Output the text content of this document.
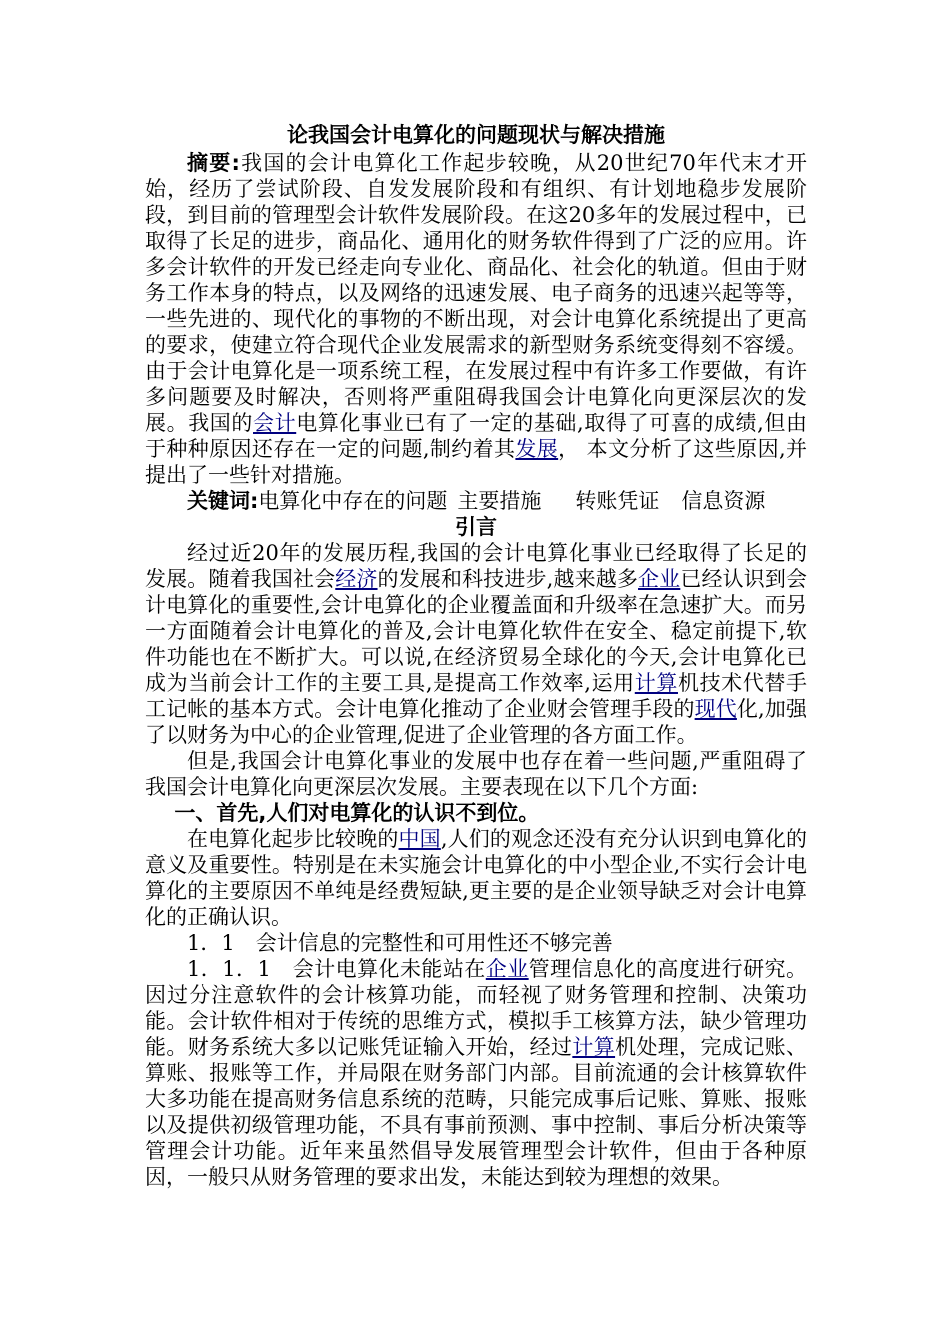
论我国会计电算化的问题现状与解决措施

摘要:我国的会计电算化工作起步较晚，从20世纪70年代末才开始，经历了尝试阶段、自发发展阶段和有组织、有计划地稳步发展阶段，到目前的管理型会计软件发展阶段。在这20多年的发展过程中，已取得了长足的进步，商品化、通用化的财务软件得到了广泛的应用。许多会计软件的开发已经走向专业化、商品化、社会化的轨道。但由于财务工作本身的特点，以及网络的迅速发展、电子商务的迅速兴起等等，一些先进的、现代化的事物的不断出现，对会计电算化系统提出了更高的要求，使建立符合现代企业发展需求的新型财务系统变得刻不容缓。由于会计电算化是一项系统工程，在发展过程中有许多工作要做，有许多问题要及时解决，否则将严重阻碍我国会计电算化向更深层次的发展。我国的会计电算化事业已有了一定的基础,取得了可喜的成绩,但由于种种原因还存在一定的问题,制约着其发展， 本文分析了这些原因,并提出了一些针对措施。

关键词:电算化中存在的问题 主要措施 转账凭证 信息资源

引言

经过近20年的发展历程,我国的会计电算化事业已经取得了长足的发展。随着我国社会经济的发展和科技进步,越来越多企业已经认识到会计电算化的重要性,会计电算化的企业覆盖面和升级率在急速扩大。而另一方面随着会计电算化的普及,会计电算化软件在安全、稳定前提下,软件功能也在不断扩大。可以说,在经济贸易全球化的今天,会计电算化已成为当前会计工作的主要工具,是提高工作效率,运用计算机技术代替手工记帐的基本方式。会计电算化推动了企业财会管理手段的现代化,加强了以财务为中心的企业管理,促进了企业管理的各方面工作。

但是,我国会计电算化事业的发展中也存在着一些问题,严重阻碍了我国会计电算化向更深层次发展。主要表现在以下几个方面:

一、首先,人们对电算化的认识不到位。

在电算化起步比较晚的中国,人们的观念还没有充分认识到电算化的意义及重要性。特别是在未实施会计电算化的中小型企业,不实行会计电算化的主要原因不单纯是经费短缺,更主要的是企业领导缺乏对会计电算化的正确认识。

1．1　会计信息的完整性和可用性还不够完善

1．1．1　会计电算化未能站在企业管理信息化的高度进行研究。因过分注意软件的会计核算功能，而轻视了财务管理和控制、决策功能。会计软件相对于传统的思维方式，模拟手工核算方法，缺少管理功能。财务系统大多以记账凭证输入开始，经过计算机处理，完成记账、算账、报账等工作，并局限在财务部门内部。目前流通的会计核算软件大多功能在提高财务信息系统的范畴，只能完成事后记账、算账、报账以及提供初级管理功能，不具有事前预测、事中控制、事后分析决策等管理会计功能。近年来虽然倡导发展管理型会计软件，但由于各种原因，一般只从财务管理的要求出发，未能达到较为理想的效果。
